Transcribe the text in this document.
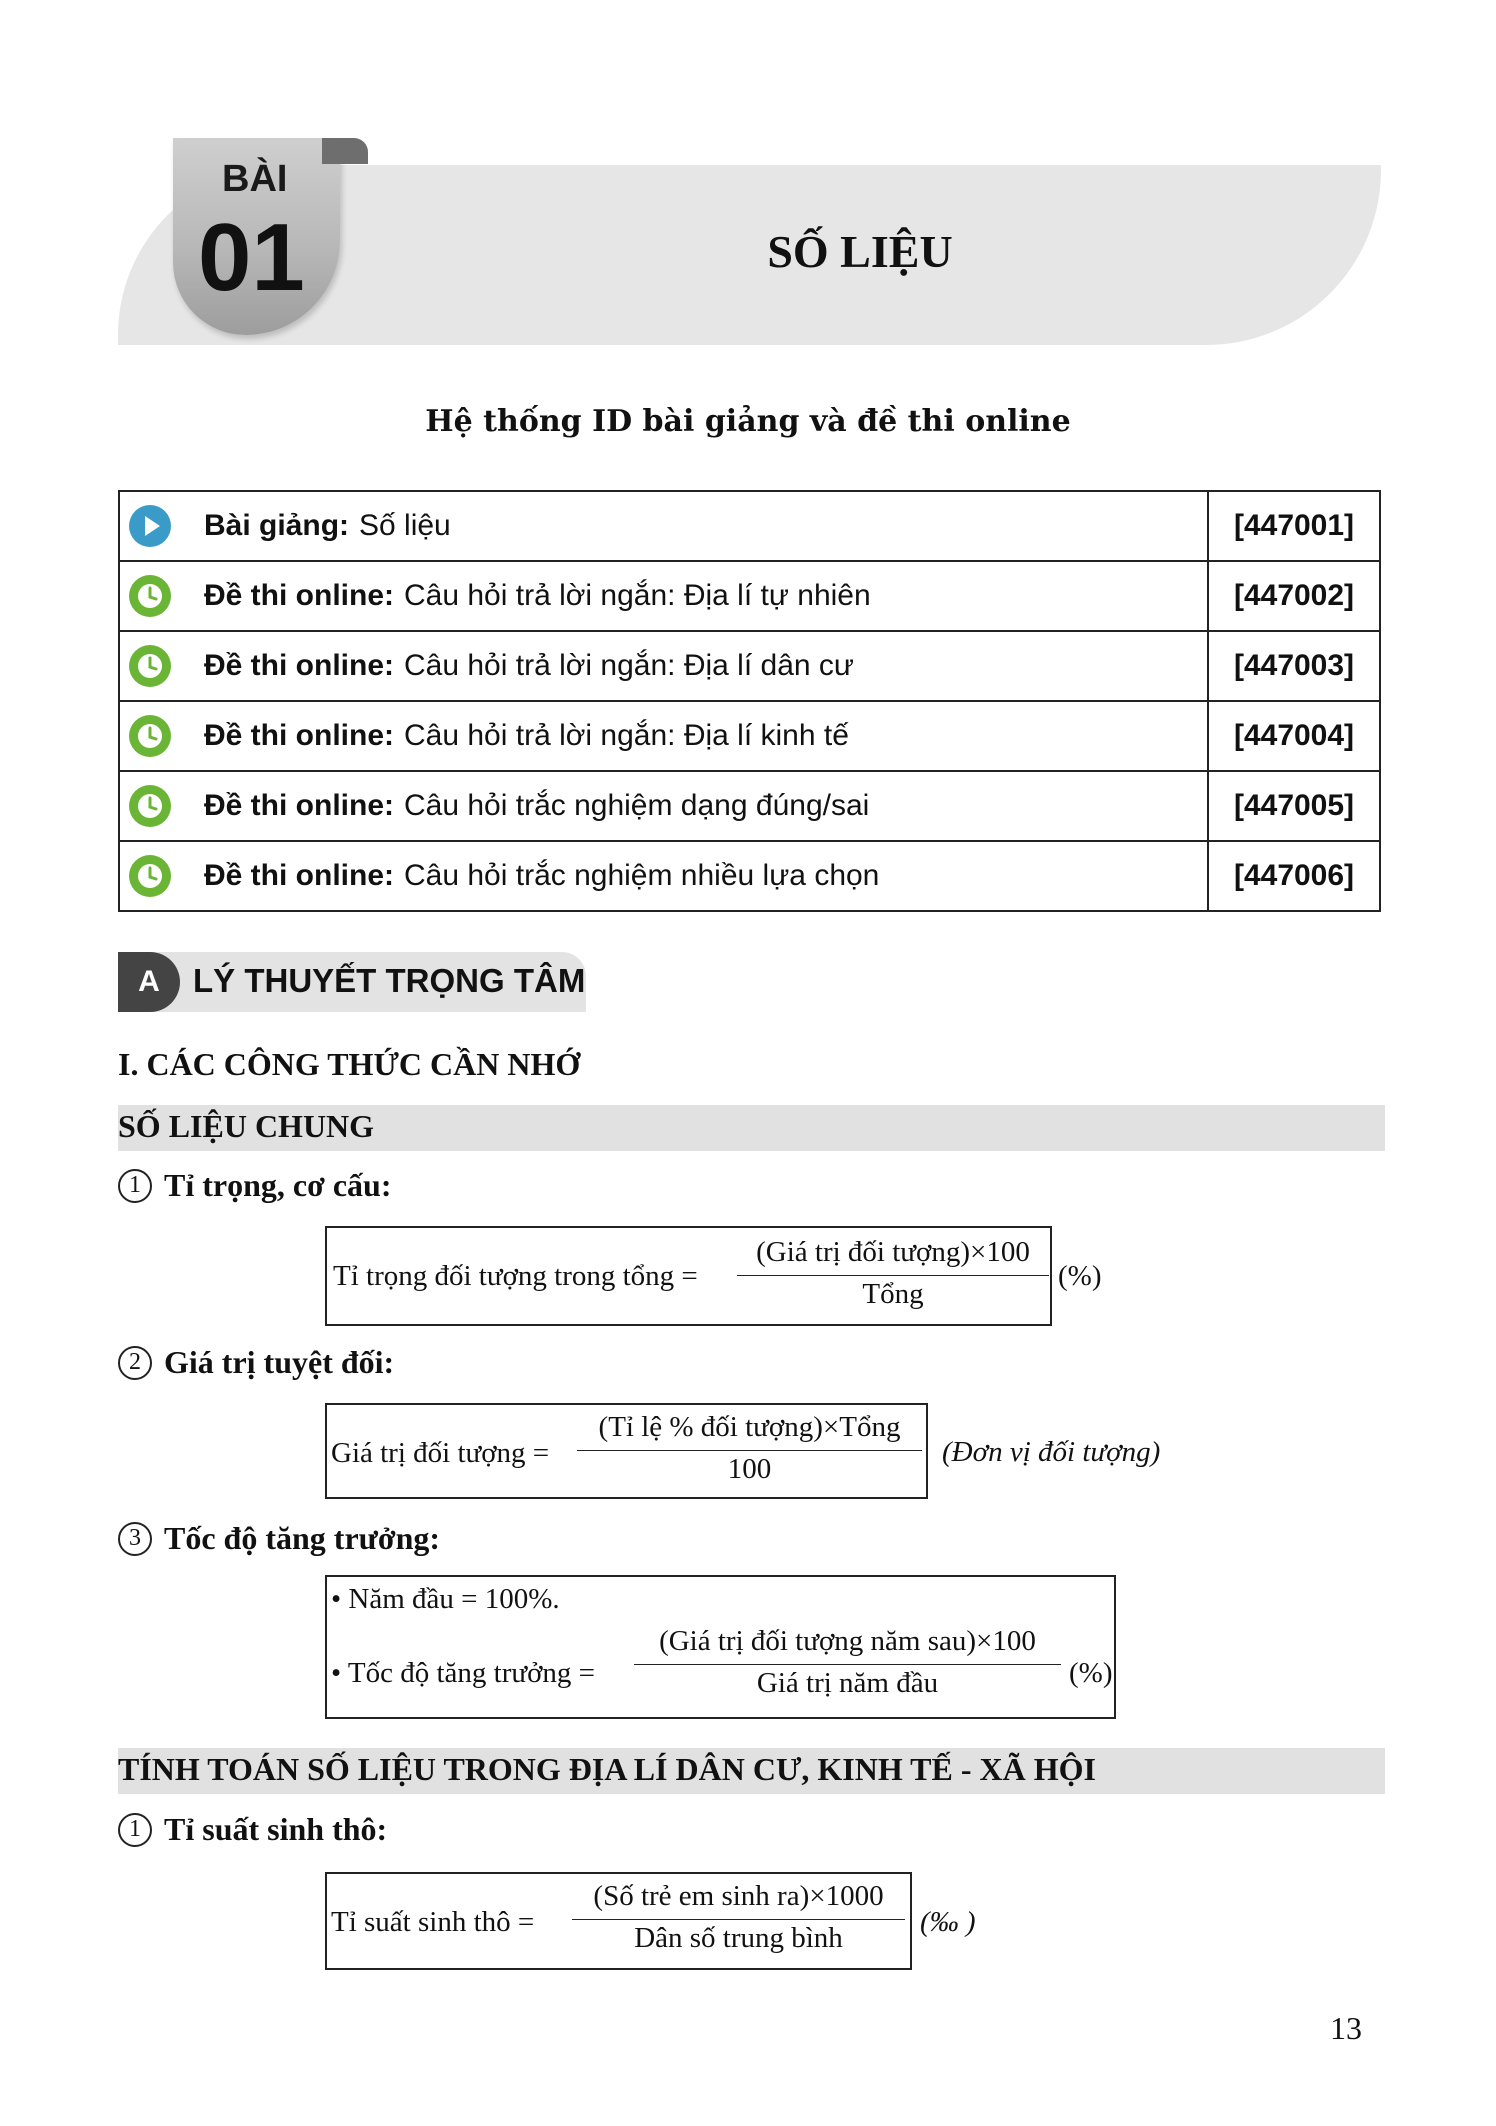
BÀI
01	SỐ LIỆU
Hệ thống ID bài giảng và đề thi online
Bài giảng: Số liệu	[447001]

Đề thi online: Câu hỏi trả lời ngắn: Địa lí tự nhiên	[447002]

Đề thi online: Câu hỏi trả lời ngắn: Địa lí dân cư	[447003]

Đề thi online: Câu hỏi trả lời ngắn: Địa lí kinh tế	[447004]

Đề thi online: Câu hỏi trắc nghiệm dạng đúng/sai	[447005]

Đề thi online: Câu hỏi trắc nghiệm nhiều lựa chọn	[447006]
A	LÝ THUYẾT TRỌNG TÂM
I. CÁC CÔNG THỨC CẦN NHỚ
SỐ LIỆU CHUNG
1 Tỉ trọng, cơ cấu:
Tỉ trọng đối tượng trong tổng =
(Giá trị đối tượng)×100
Tổng
(%)
2 Giá trị tuyệt đối:
Giá trị đối tượng =
(Tỉ lệ % đối tượng)×Tổng
100
(Đơn vị đối tượng)
3 Tốc độ tăng trưởng:
• Năm đầu = 100%.
• Tốc độ tăng trưởng =
(Giá trị đối tượng năm sau)×100
Giá trị năm đầu	(%)
TÍNH TOÁN SỐ LIỆU TRONG ĐỊA LÍ DÂN CƯ, KINH TẾ - XÃ HỘI
1 Tỉ suất sinh thô:
Tỉ suất sinh thô =
(Số trẻ em sinh ra)×1000
Dân số trung bình	(‰ )
13
